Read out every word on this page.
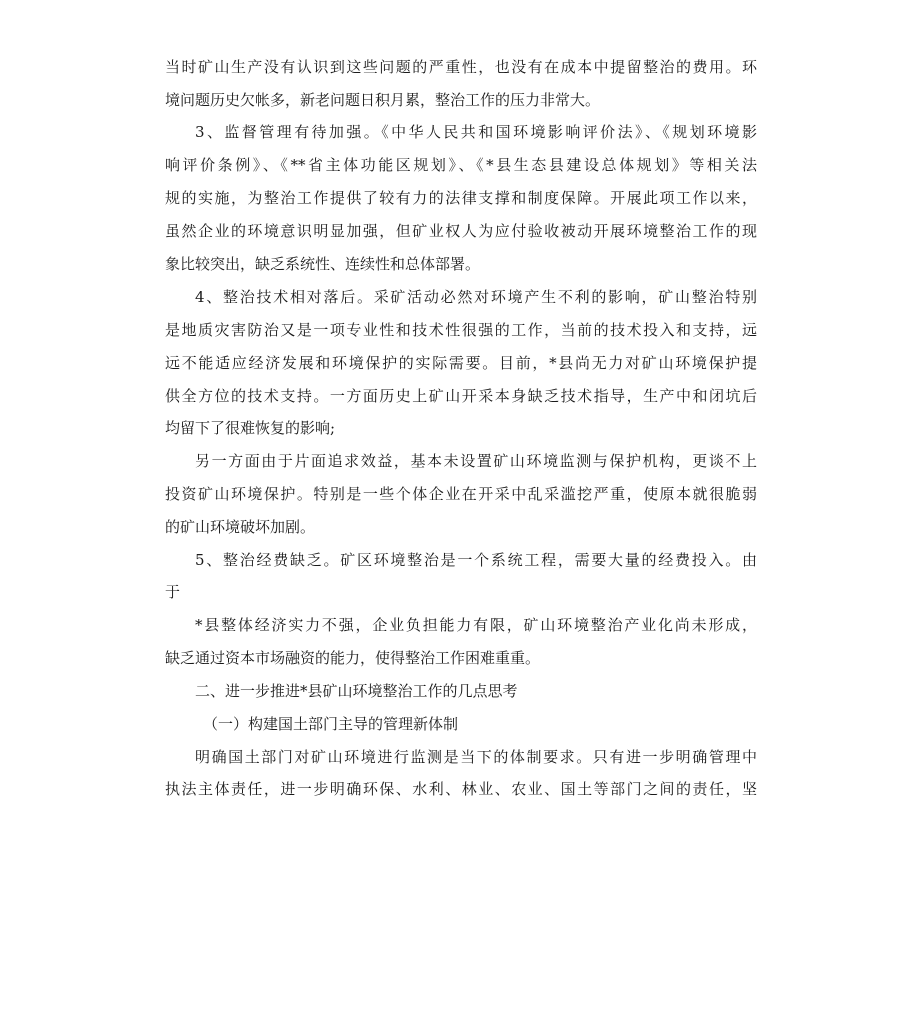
当时矿山生产没有认识到这些问题的严重性，也没有在成本中提留整治的费用。环
境问题历史欠帐多，新老问题日积月累，整治工作的压力非常大。
3、监督管理有待加强。《中华人民共和国环境影响评价法》、《规划环境影
响评价条例》、《**省主体功能区规划》、《*县生态县建设总体规划》等相关法
规的实施，为整治工作提供了较有力的法律支撑和制度保障。开展此项工作以来，
虽然企业的环境意识明显加强，但矿业权人为应付验收被动开展环境整治工作的现
象比较突出，缺乏系统性、连续性和总体部署。
4、整治技术相对落后。采矿活动必然对环境产生不利的影响，矿山整治特别
是地质灾害防治又是一项专业性和技术性很强的工作，当前的技术投入和支持，远
远不能适应经济发展和环境保护的实际需要。目前，*县尚无力对矿山环境保护提
供全方位的技术支持。一方面历史上矿山开采本身缺乏技术指导，生产中和闭坑后
均留下了很难恢复的影响;
另一方面由于片面追求效益，基本未设置矿山环境监测与保护机构，更谈不上
投资矿山环境保护。特别是一些个体企业在开采中乱采滥挖严重，使原本就很脆弱
的矿山环境破坏加剧。
5、整治经费缺乏。矿区环境整治是一个系统工程，需要大量的经费投入。由
于
*县整体经济实力不强，企业负担能力有限，矿山环境整治产业化尚未形成，
缺乏通过资本市场融资的能力，使得整治工作困难重重。
二、进一步推进*县矿山环境整治工作的几点思考
（一）构建国土部门主导的管理新体制
明确国土部门对矿山环境进行监测是当下的体制要求。只有进一步明确管理中
执法主体责任，进一步明确环保、水利、林业、农业、国土等部门之间的责任，坚
